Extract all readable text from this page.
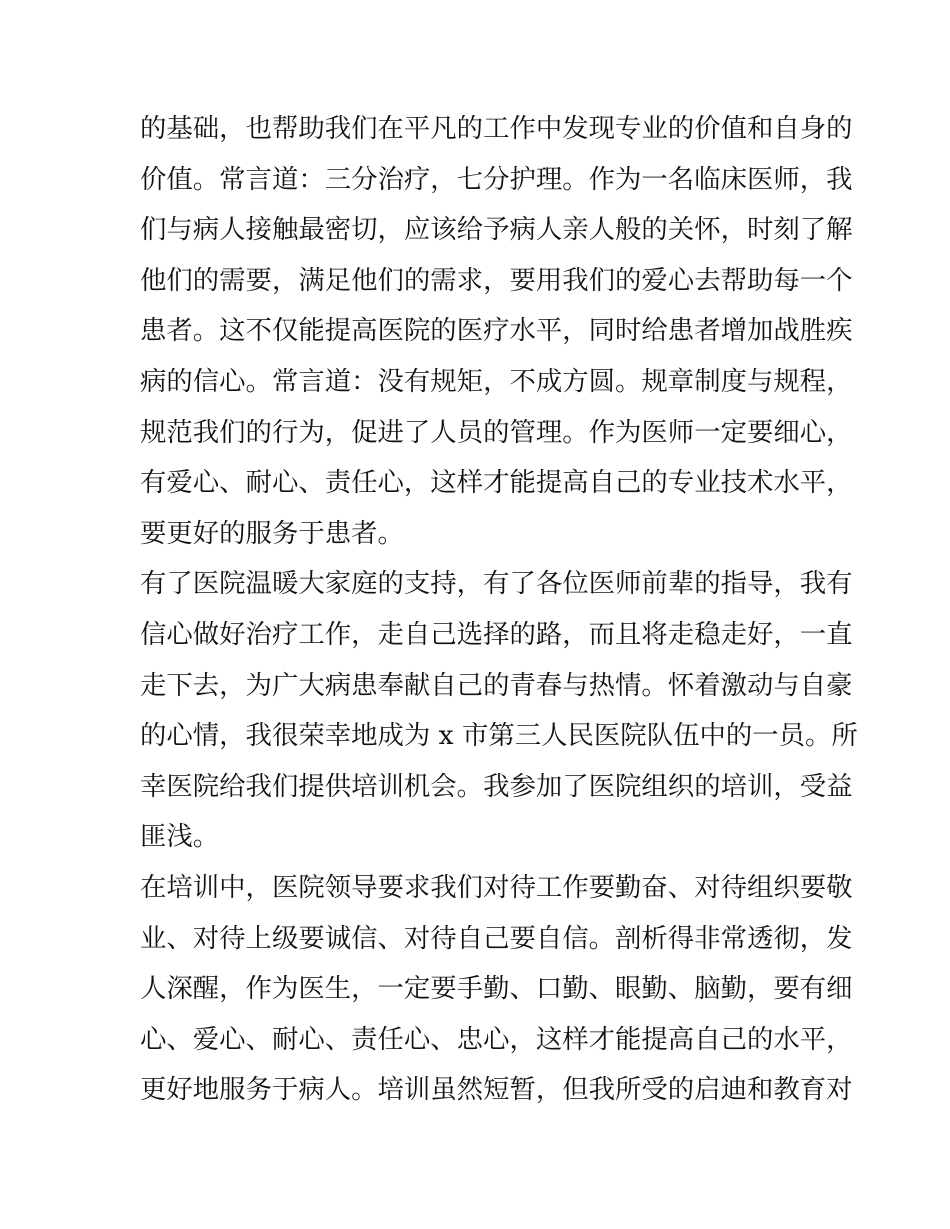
的基础，也帮助我们在平凡的工作中发现专业的价值和自身的
价值。常言道：三分治疗，七分护理。作为一名临床医师，我
们与病人接触最密切，应该给予病人亲人般的关怀，时刻了解
他们的需要，满足他们的需求，要用我们的爱心去帮助每一个
患者。这不仅能提高医院的医疗水平，同时给患者增加战胜疾
病的信心。常言道：没有规矩，不成方圆。规章制度与规程，
规范我们的行为，促进了人员的管理。作为医师一定要细心，
有爱心、耐心、责任心，这样才能提高自己的专业技术水平，
要更好的服务于患者。
有了医院温暖大家庭的支持，有了各位医师前辈的指导，我有
信心做好治疗工作，走自己选择的路，而且将走稳走好，一直
走下去，为广大病患奉献自己的青春与热情。怀着激动与自豪
的心情，我很荣幸地成为 x 市第三人民医院队伍中的一员。所
幸医院给我们提供培训机会。我参加了医院组织的培训，受益
匪浅。
在培训中，医院领导要求我们对待工作要勤奋、对待组织要敬
业、对待上级要诚信、对待自己要自信。剖析得非常透彻，发
人深醒，作为医生，一定要手勤、口勤、眼勤、脑勤，要有细
心、爱心、耐心、责任心、忠心，这样才能提高自己的水平，
更好地服务于病人。培训虽然短暂，但我所受的启迪和教育对
